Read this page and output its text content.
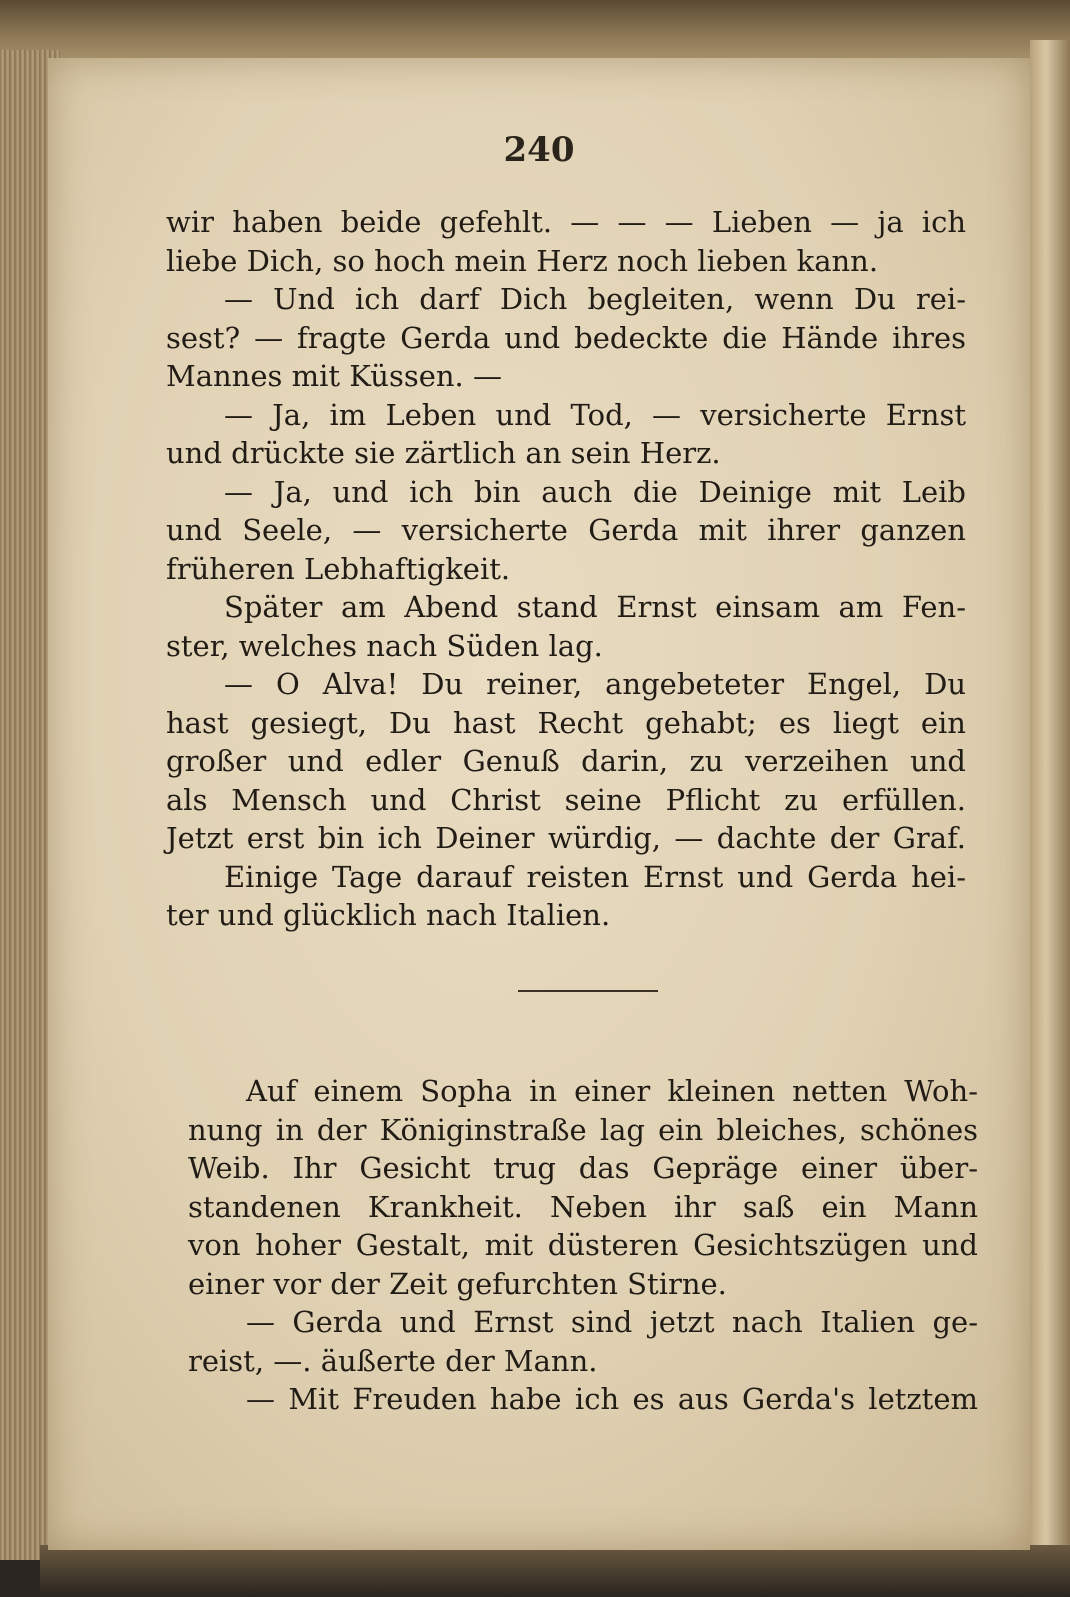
240
wir haben beide gefehlt. — — — Lieben — ja ich
liebe Dich, so hoch mein Herz noch lieben kann.
— Und ich darf Dich begleiten, wenn Du rei-
sest? — fragte Gerda und bedeckte die Hände ihres
Mannes mit Küssen. —
— Ja, im Leben und Tod, — versicherte Ernst
und drückte sie zärtlich an sein Herz.
— Ja, und ich bin auch die Deinige mit Leib
und Seele, — versicherte Gerda mit ihrer ganzen
früheren Lebhaftigkeit.
Später am Abend stand Ernst einsam am Fen-
ster, welches nach Süden lag.
— O Alva! Du reiner, angebeteter Engel, Du
hast gesiegt, Du hast Recht gehabt; es liegt ein
großer und edler Genuß darin, zu verzeihen und
als Mensch und Christ seine Pflicht zu erfüllen.
Jetzt erst bin ich Deiner würdig, — dachte der Graf.
Einige Tage darauf reisten Ernst und Gerda hei-
ter und glücklich nach Italien.
Auf einem Sopha in einer kleinen netten Woh-
nung in der Königinstraße lag ein bleiches, schönes
Weib. Ihr Gesicht trug das Gepräge einer über-
standenen Krankheit. Neben ihr saß ein Mann
von hoher Gestalt, mit düsteren Gesichtszügen und
einer vor der Zeit gefurchten Stirne.
— Gerda und Ernst sind jetzt nach Italien ge-
reist, —. äußerte der Mann.
— Mit Freuden habe ich es aus Gerda's letztem
